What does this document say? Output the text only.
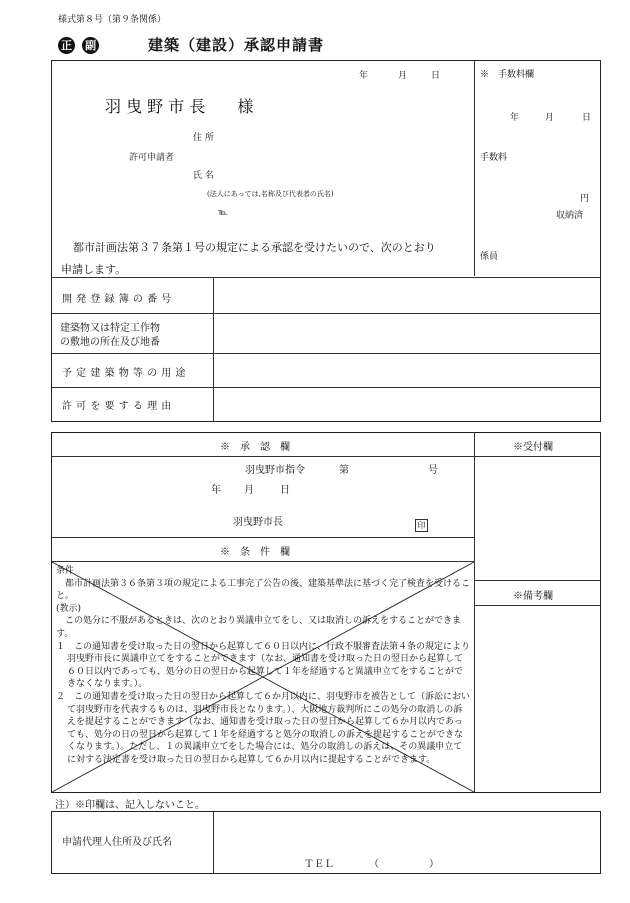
様式第８号（第９条関係）
正 副	建築（建設）承認申請書
年	月	日
羽 曳 野 市 長　　様
住 所
許可申請者
氏 名
(法人にあっては,名称及び代表者の氏名)
℡
都市計画法第３７条第１号の規定による承認を受けたいので、次のとおり
申請します。
※　手数料欄
年	月	日
手数料
円
収納済
係員
開 発 登 録 簿 の 番 号
建築物又は特定工作物
の敷地の所在及び地番
予 定 建 築 物 等 の 用 途
許 可 を 要 す る 理 由
※　承　認　欄
羽曳野市指令	第	号
年 月	日
羽曳野市長	印
※受付欄
※備考欄
※　条　件　欄

条件

都市計画法第３６条第３項の規定による工事完了公告の後、建築基準法に基づく完了検査を受けること。

(教示)

この処分に不服があるときは、次のとおり異議申立てをし、又は取消しの訴えをすることができます。

１　この通知書を受け取った日の翌日から起算して６０日以内に、行政不服審査法第４条の規定により羽曳野市長に異議申立てをすることができます（なお、通知書を受け取った日の翌日から起算して６０日以内であっても、処分の日の翌日から起算して１年を経過すると異議申立てをすることができなくなります。）。

２　この通知書を受け取った日の翌日から起算して６か月以内に、羽曳野市を被告として（訴訟において羽曳野市を代表するものは、羽曳野市長となります。）、大阪地方裁判所にこの処分の取消しの訴えを提起することができます（なお、通知書を受け取った日の翌日から起算して６か月以内であっても、処分の日の翌日から起算して１年を経過すると処分の取消しの訴えを提起することができなくなります。）。ただし、１の異議申立てをした場合には、処分の取消しの訴えは、その異議申立てに対する決定書を受け取った日の翌日から起算して６か月以内に提起することができます。

注）※印欄は、記入しないこと。
申請代理人住所及び氏名
ＴＥＬ　　　　（　　　　　）
